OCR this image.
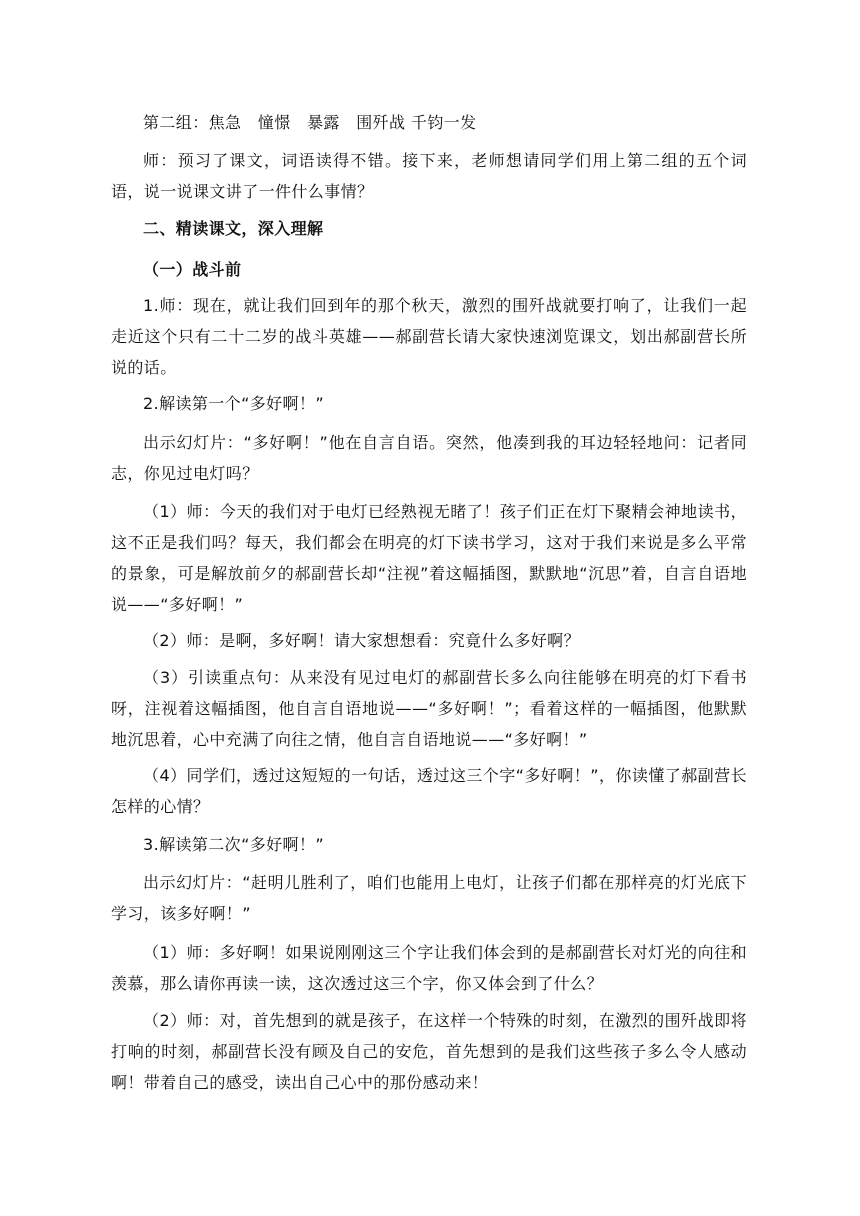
第二组：焦急　憧憬　暴露　围歼战 千钧一发

师：预习了课文，词语读得不错。接下来，老师想请同学们用上第二组的五个词语，说一说课文讲了一件什么事情？

二、精读课文，深入理解

（一）战斗前

1.师：现在，就让我们回到年的那个秋天，激烈的围歼战就要打响了，让我们一起走近这个只有二十二岁的战斗英雄——郝副营长请大家快速浏览课文，划出郝副营长所说的话。

2.解读第一个“多好啊！”

出示幻灯片：“多好啊！”他在自言自语。突然，他凑到我的耳边轻轻地问：记者同志，你见过电灯吗？

（1）师：今天的我们对于电灯已经熟视无睹了！孩子们正在灯下聚精会神地读书，这不正是我们吗？每天，我们都会在明亮的灯下读书学习，这对于我们来说是多么平常的景象，可是解放前夕的郝副营长却“注视”着这幅插图，默默地“沉思”着，自言自语地说——“多好啊！”

（2）师：是啊，多好啊！请大家想想看：究竟什么多好啊？

（3）引读重点句：从来没有见过电灯的郝副营长多么向往能够在明亮的灯下看书呀，注视着这幅插图，他自言自语地说——“多好啊！”；看着这样的一幅插图，他默默地沉思着，心中充满了向往之情，他自言自语地说——“多好啊！”

（4）同学们，透过这短短的一句话，透过这三个字“多好啊！”，你读懂了郝副营长怎样的心情？

3.解读第二次“多好啊！”

出示幻灯片：“赶明儿胜利了，咱们也能用上电灯，让孩子们都在那样亮的灯光底下学习，该多好啊！”

（1）师：多好啊！如果说刚刚这三个字让我们体会到的是郝副营长对灯光的向往和羡慕，那么请你再读一读，这次透过这三个字，你又体会到了什么？

（2）师：对，首先想到的就是孩子，在这样一个特殊的时刻，在激烈的围歼战即将打响的时刻，郝副营长没有顾及自己的安危，首先想到的是我们这些孩子多么令人感动啊！带着自己的感受，读出自己心中的那份感动来！
